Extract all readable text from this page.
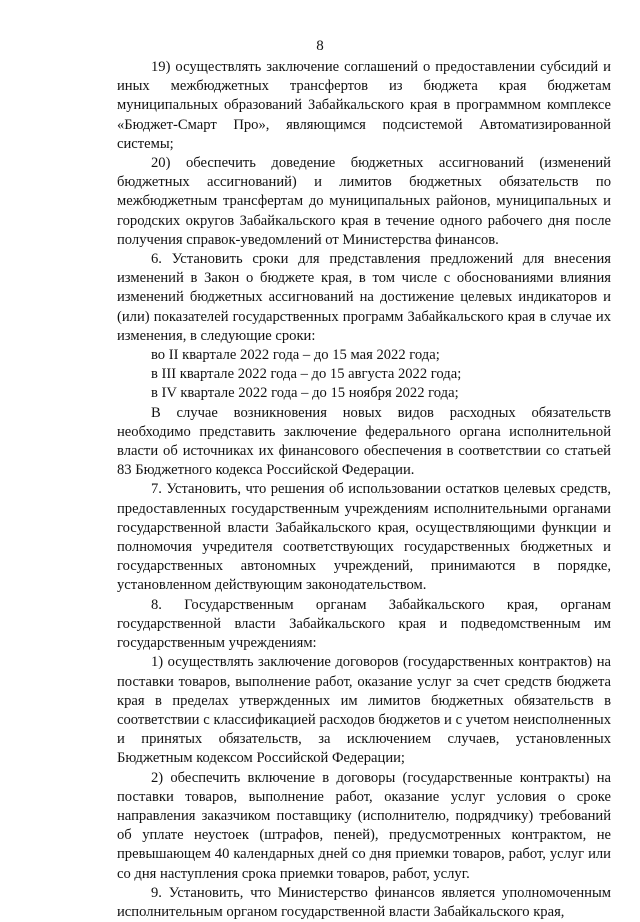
8

19) осуществлять заключение соглашений о предоставлении субсидий и иных межбюджетных трансфертов из бюджета края бюджетам муниципальных образований Забайкальского края в программном комплексе «Бюджет-Смарт Про», являющимся подсистемой Автоматизированной системы;

20) обеспечить доведение бюджетных ассигнований (изменений бюджетных ассигнований) и лимитов бюджетных обязательств по межбюджетным трансфертам до муниципальных районов, муниципальных и городских округов Забайкальского края в течение одного рабочего дня после получения справок-уведомлений от Министерства финансов.

6. Установить сроки для представления предложений для внесения изменений в Закон о бюджете края, в том числе с обоснованиями влияния изменений бюджетных ассигнований на достижение целевых индикаторов и (или) показателей государственных программ Забайкальского края в случае их изменения, в следующие сроки:

во II квартале 2022 года – до 15 мая 2022 года;

в III квартале 2022 года – до 15 августа 2022 года;

в IV квартале 2022 года – до 15 ноября 2022 года;

В случае возникновения новых видов расходных обязательств необходимо представить заключение федерального органа исполнительной власти об источниках их финансового обеспечения в соответствии со статьей 83 Бюджетного кодекса Российской Федерации.

7. Установить, что решения об использовании остатков целевых средств, предоставленных государственным учреждениям исполнительными органами государственной власти Забайкальского края, осуществляющими функции и полномочия учредителя соответствующих государственных бюджетных и государственных автономных учреждений, принимаются в порядке, установленном действующим законодательством.

8. Государственным органам Забайкальского края, органам государственной власти Забайкальского края и подведомственным им государственным учреждениям:

1) осуществлять заключение договоров (государственных контрактов) на поставки товаров, выполнение работ, оказание услуг за счет средств бюджета края в пределах утвержденных им лимитов бюджетных обязательств в соответствии с классификацией расходов бюджетов и с учетом неисполненных и принятых обязательств, за исключением случаев, установленных Бюджетным кодексом Российской Федерации;

2) обеспечить включение в договоры (государственные контракты) на поставки товаров, выполнение работ, оказание услуг условия о сроке направления заказчиком поставщику (исполнителю, подрядчику) требований об уплате неустоек (штрафов, пеней), предусмотренных контрактом, не превышающем 40 календарных дней со дня приемки товаров, работ, услуг или со дня наступления срока приемки товаров, работ, услуг.

9. Установить, что Министерство финансов является уполномоченным исполнительным органом государственной власти Забайкальского края,
